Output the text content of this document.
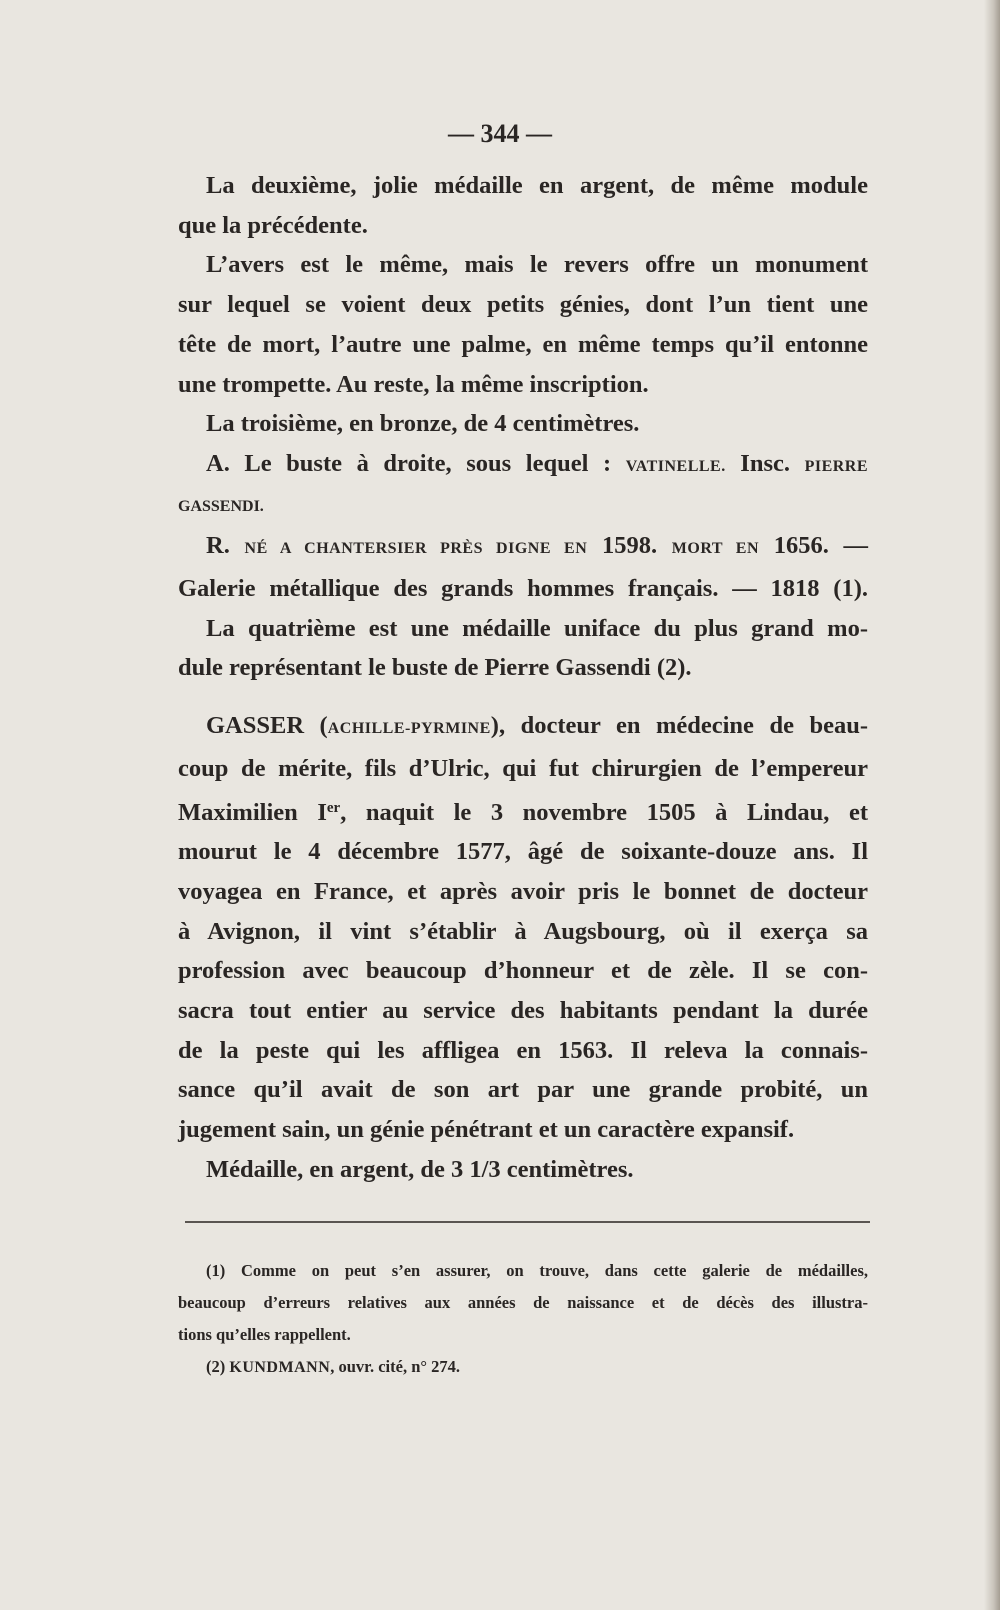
— 344 —
La deuxième, jolie médaille en argent, de même module
que la précédente.
L’avers est le même, mais le revers offre un monument
sur lequel se voient deux petits génies, dont l’un tient une
tête de mort, l’autre une palme, en même temps qu’il entonne
une trompette. Au reste, la même inscription.
La troisième, en bronze, de 4 centimètres.
A. Le buste à droite, sous lequel : VATINELLE. Insc. PIERRE
GASSENDI.
R. NÉ A CHANTERSIER PRÈS DIGNE EN 1598. MORT EN 1656. —
Galerie métallique des grands hommes français. — 1818 (1).
La quatrième est une médaille uniface du plus grand mo-
dule représentant le buste de Pierre Gassendi (2).
GASSER (ACHILLE-PYRMINE), docteur en médecine de beau-
coup de mérite, fils d’Ulric, qui fut chirurgien de l’empereur
Maximilien Ier, naquit le 3 novembre 1505 à Lindau, et
mourut le 4 décembre 1577, âgé de soixante-douze ans. Il
voyagea en France, et après avoir pris le bonnet de docteur
à Avignon, il vint s’établir à Augsbourg, où il exerça sa
profession avec beaucoup d’honneur et de zèle. Il se con-
sacra tout entier au service des habitants pendant la durée
de la peste qui les affligea en 1563. Il releva la connais-
sance qu’il avait de son art par une grande probité, un
jugement sain, un génie pénétrant et un caractère expansif.
Médaille, en argent, de 3 1/3 centimètres.
(1) Comme on peut s’en assurer, on trouve, dans cette galerie de médailles,
beaucoup d’erreurs relatives aux années de naissance et de décès des illustra-
tions qu’elles rappellent.
(2) KUNDMANN, ouvr. cité, n° 274.
